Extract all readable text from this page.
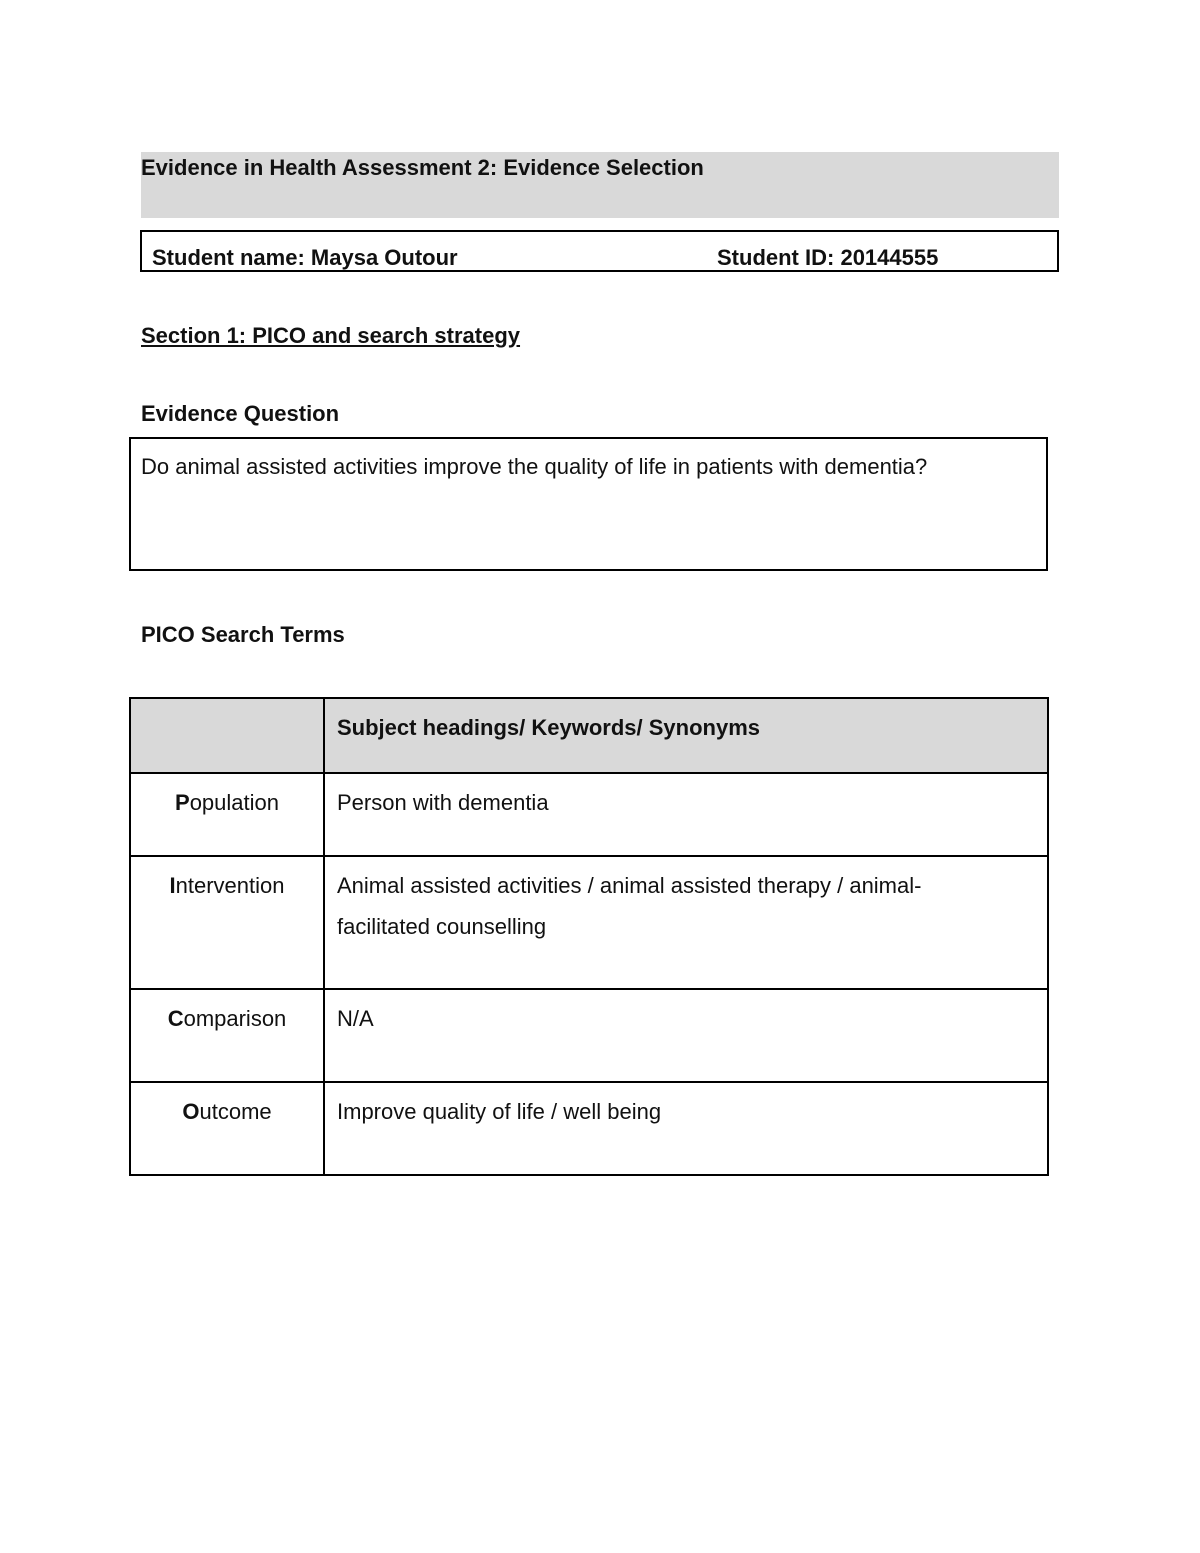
Evidence in Health Assessment 2: Evidence Selection
Student name: Maysa Outour	Student ID: 20144555
Section 1: PICO and search strategy
Evidence Question
Do animal assisted activities improve the quality of life in patients with dementia?
PICO Search Terms
	Subject headings/ Keywords/ Synonyms
Population	Person with dementia
Intervention	Animal assisted activities / animal assisted therapy / animal-facilitated counselling
Comparison	N/A
Outcome	Improve quality of life / well being
